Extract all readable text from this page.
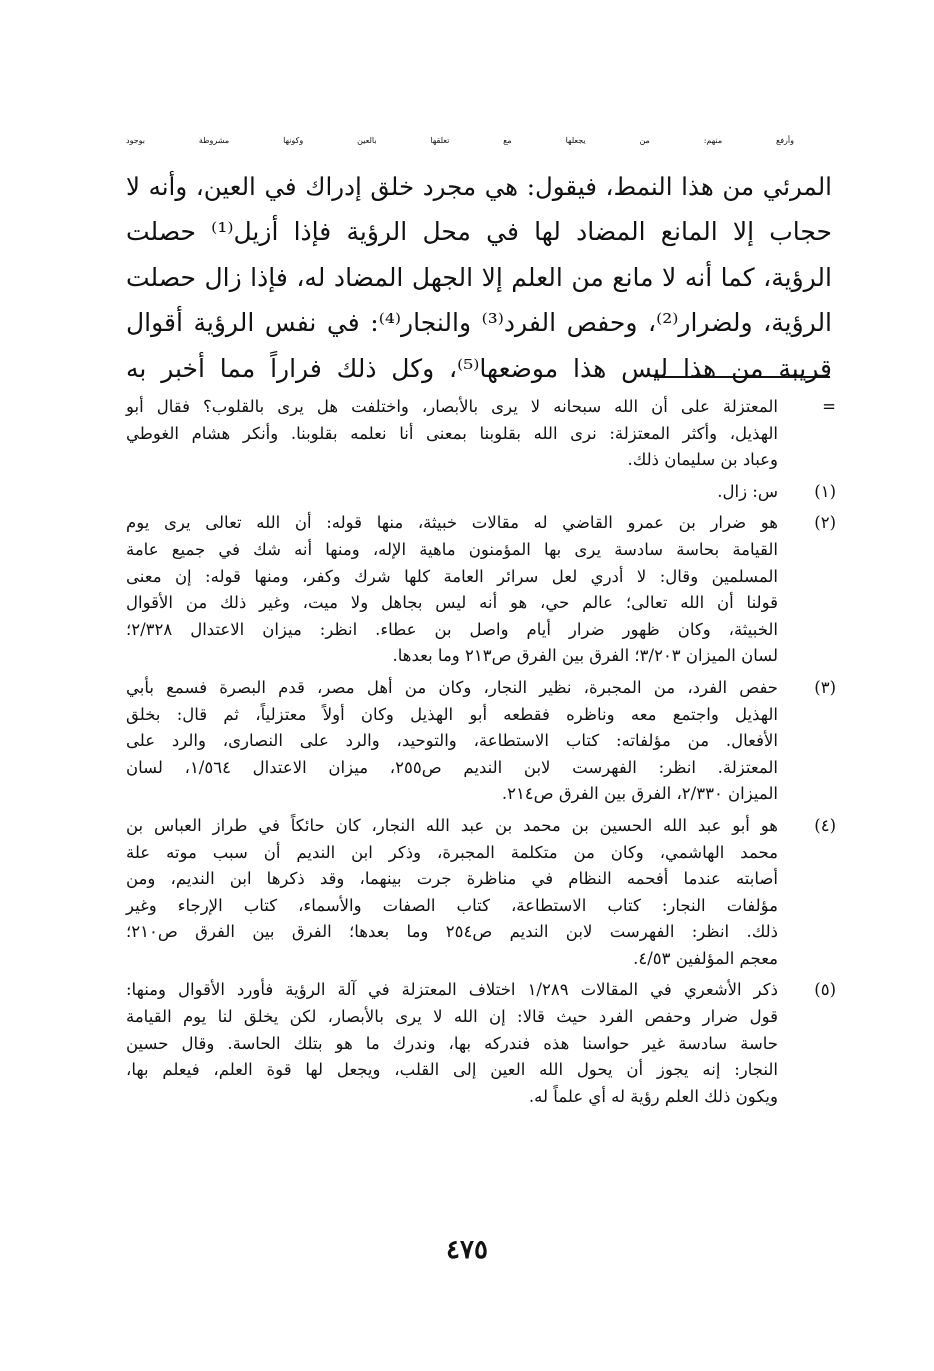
وأرفع منهم: من يجعلها مع تعلقها بالعين وكونها مشروطة بوجود
المرئي من هذا النمط، فيقول: هي مجرد خلق إدراك في العين، وأنه لا
حجاب إلا المانع المضاد لها في محل الرؤية فإذا أزيل⁽¹⁾ حصلت
الرؤية، كما أنه لا مانع من العلم إلا الجهل المضاد له، فإذا زال حصلت
الرؤية، ولضرار⁽²⁾، وحفص الفرد⁽³⁾ والنجار⁽⁴⁾: في نفس الرؤية أقوال
قريبة من هذا ليس هذا موضعها⁽⁵⁾، وكل ذلك فراراً مما أخبر به
=
المعتزلة على أن الله سبحانه لا يرى بالأبصار، واختلفت هل يرى بالقلوب؟ فقال أبو
الهذيل، وأكثر المعتزلة: نرى الله بقلوبنا بمعنى أنا نعلمه بقلوبنا. وأنكر هشام الغوطي
وعباد بن سليمان ذلك.
(١)
س: زال.
(٢)
هو ضرار بن عمرو القاضي له مقالات خبيثة، منها قوله: أن الله تعالى يرى يوم
القيامة بحاسة سادسة يرى بها المؤمنون ماهية الإله، ومنها أنه شك في جميع عامة
المسلمين وقال: لا أدري لعل سرائر العامة كلها شرك وكفر، ومنها قوله: إن معنى
قولنا أن الله تعالى؛ عالم حي، هو أنه ليس بجاهل ولا ميت، وغير ذلك من الأقوال
الخبيثة، وكان ظهور ضرار أيام واصل بن عطاء. انظر: ميزان الاعتدال ٢/٣٢٨؛
لسان الميزان ٣/٢٠٣؛ الفرق بين الفرق ص٢١٣ وما بعدها.
(٣)
حفص الفرد، من المجبرة، نظير النجار، وكان من أهل مصر، قدم البصرة فسمع بأبي
الهذيل واجتمع معه وناظره فقطعه أبو الهذيل وكان أولاً معتزلياً، ثم قال: بخلق
الأفعال. من مؤلفاته: كتاب الاستطاعة، والتوحيد، والرد على النصارى، والرد على
المعتزلة. انظر: الفهرست لابن النديم ص٢٥٥، ميزان الاعتدال ١/٥٦٤، لسان
الميزان ٢/٣٣٠، الفرق بين الفرق ص٢١٤.
(٤)
هو أبو عبد الله الحسين بن محمد بن عبد الله النجار، كان حائكاً في طراز العباس بن
محمد الهاشمي، وكان من متكلمة المجبرة، وذكر ابن النديم أن سبب موته علة
أصابته عندما أفحمه النظام في مناظرة جرت بينهما، وقد ذكرها ابن النديم، ومن
مؤلفات النجار: كتاب الاستطاعة، كتاب الصفات والأسماء، كتاب الإرجاء وغير
ذلك. انظر: الفهرست لابن النديم ص٢٥٤ وما بعدها؛ الفرق بين الفرق ص٢١٠؛
معجم المؤلفين ٤/٥٣.
(٥)
ذكر الأشعري في المقالات ١/٢٨٩ اختلاف المعتزلة في آلة الرؤية فأورد الأقوال ومنها:
قول ضرار وحفص الفرد حيث قالا: إن الله لا يرى بالأبصار، لكن يخلق لنا يوم القيامة
حاسة سادسة غير حواسنا هذه فندركه بها، وندرك ما هو بتلك الحاسة. وقال حسين
النجار: إنه يجوز أن يحول الله العين إلى القلب، ويجعل لها قوة العلم، فيعلم بها،
ويكون ذلك العلم رؤية له أي علماً له.
٤٧٥
